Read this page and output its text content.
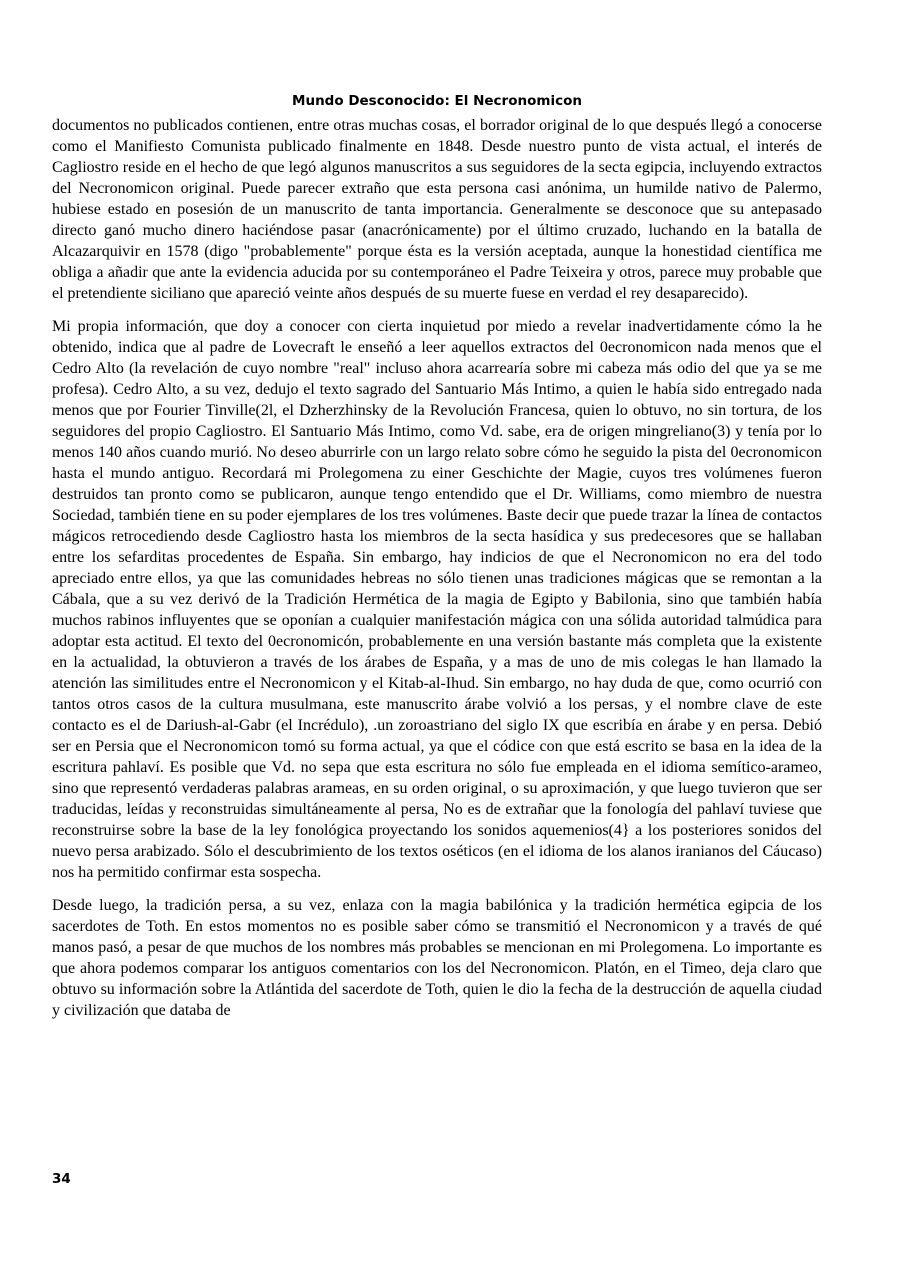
Mundo Desconocido: El Necronomicon

documentos no publicados contienen, entre otras muchas cosas, el borrador original de lo que después llegó a conocerse como el Manifiesto Comunista publicado finalmente en 1848. Desde nuestro punto de vista actual, el interés de Cagliostro reside en el hecho de que legó algunos manuscritos a sus seguidores de la secta egipcia, incluyendo extractos del Necronomicon original. Puede parecer extraño que esta persona casi anónima, un humilde nativo de Palermo, hubiese estado en posesión de un manuscrito de tanta importancia. Generalmente se desconoce que su antepasado directo ganó mucho dinero haciéndose pasar (anacrónicamente) por el último cruzado, luchando en la batalla de Alcazarquivir en 1578 (digo "probablemente" porque ésta es la versión aceptada, aunque la honestidad científica me obliga a añadir que ante la evidencia aducida por su contemporáneo el Padre Teixeira y otros, parece muy probable que el pretendiente siciliano que apareció veinte años después de su muerte fuese en verdad el rey desaparecido).

Mi propia información, que doy a conocer con cierta inquietud por miedo a revelar inadvertidamente cómo la he obtenido, indica que al padre de Lovecraft le enseñó a leer aquellos extractos del 0ecronomicon nada menos que el Cedro Alto (la revelación de cuyo nombre "real" incluso ahora acarrearía sobre mi cabeza más odio del que ya se me profesa). Cedro Alto, a su vez, dedujo el texto sagrado del Santuario Más Intimo, a quien le había sido entregado nada menos que por Fourier Tinville(2l, el Dzherzhinsky de la Revolución Francesa, quien lo obtuvo, no sin tortura, de los seguidores del propio Cagliostro. El Santuario Más Intimo, como Vd. sabe, era de origen mingreliano(3) y tenía por lo menos 140 años cuando murió. No deseo aburrirle con un largo relato sobre cómo he seguido la pista del 0ecronomicon hasta el mundo antiguo. Recordará mi Prolegomena zu einer Geschichte der Magie, cuyos tres volúmenes fueron destruidos tan pronto como se publicaron, aunque tengo entendido que el Dr. Williams, como miembro de nuestra Sociedad, también tiene en su poder ejemplares de los tres volúmenes. Baste decir que puede trazar la línea de contactos mágicos retrocediendo desde Cagliostro hasta los miembros de la secta hasídica y sus predecesores que se hallaban entre los sefarditas procedentes de España. Sin embargo, hay indicios de que el Necronomicon no era del todo apreciado entre ellos, ya que las comunidades hebreas no sólo tienen unas tradiciones mágicas que se remontan a la Cábala, que a su vez derivó de la Tradición Hermética de la magia de Egipto y Babilonia, sino que también había muchos rabinos influyentes que se oponían a cualquier manifestación mágica con una sólida autoridad talmúdica para adoptar esta actitud. El texto del 0ecronomicón, probablemente en una versión bastante más completa que la existente en la actualidad, la obtuvieron a través de los árabes de España, y a mas de uno de mis colegas le han llamado la atención las similitudes entre el Necronomicon y el Kitab-al-Ihud. Sin embargo, no hay duda de que, como ocurrió con tantos otros casos de la cultura musulmana, este manuscrito árabe volvió a los persas, y el nombre clave de este contacto es el de Dariush-al-Gabr (el Incrédulo), .un zoroastriano del siglo IX que escribía en árabe y en persa. Debió ser en Persia que el Necronomicon tomó su forma actual, ya que el códice con que está escrito se basa en la idea de la escritura pahlaví. Es posible que Vd. no sepa que esta escritura no sólo fue empleada en el idioma semítico-arameo, sino que representó verdaderas palabras arameas, en su orden original, o su aproximación, y que luego tuvieron que ser traducidas, leídas y reconstruidas simultáneamente al persa, No es de extrañar que la fonología del pahlaví tuviese que reconstruirse sobre la base de la ley fonológica proyectando los sonidos aquemenios(4} a los posteriores sonidos del nuevo persa arabizado. Sólo el descubrimiento de los textos oséticos (en el idioma de los alanos iranianos del Cáucaso) nos ha permitido confirmar esta sospecha.

Desde luego, la tradición persa, a su vez, enlaza con la magia babilónica y la tradición hermética egipcia de los sacerdotes de Toth. En estos momentos no es posible saber cómo se transmitió el Necronomicon y a través de qué manos pasó, a pesar de que muchos de los nombres más probables se mencionan en mi Prolegomena. Lo importante es que ahora podemos comparar los antiguos comentarios con los del Necronomicon. Platón, en el Timeo, deja claro que obtuvo su información sobre la Atlántida del sacerdote de Toth, quien le dio la fecha de la destrucción de aquella ciudad y civilización que databa de

34
